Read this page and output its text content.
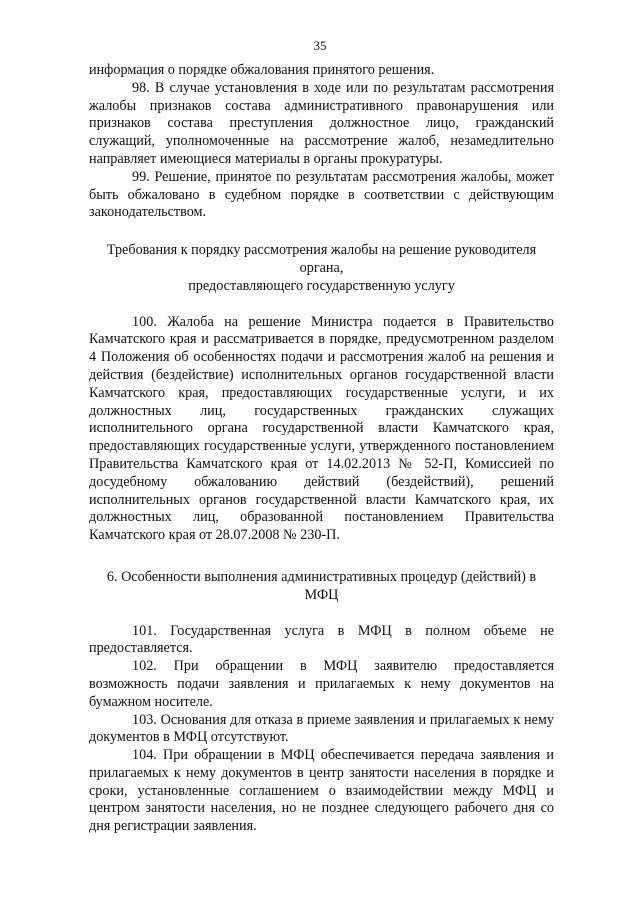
35

информация о порядке обжалования принятого решения.

98. В случае установления в ходе или по результатам рассмотрения жалобы признаков состава административного правонарушения или признаков состава преступления должностное лицо, гражданский служащий, уполномоченные на рассмотрение жалоб, незамедлительно направляет имеющиеся материалы в органы прокуратуры.

99. Решение, принятое по результатам рассмотрения жалобы, может быть обжаловано в судебном порядке в соответствии с действующим законодательством.

Требования к порядку рассмотрения жалобы на решение руководителя органа,
предоставляющего государственную услугу

100. Жалоба на решение Министра подается в Правительство Камчатского края и рассматривается в порядке, предусмотренном разделом 4 Положения об особенностях подачи и рассмотрения жалоб на решения и действия (бездействие) исполнительных органов государственной власти Камчатского края, предоставляющих государственные услуги, и их должностных лиц, государственных гражданских служащих исполнительного органа государственной власти Камчатского края, предоставляющих государственные услуги, утвержденного постановлением Правительства Камчатского края от 14.02.2013 № 52-П, Комиссией по досудебному обжалованию действий (бездействий), решений исполнительных органов государственной власти Камчатского края, их должностных лиц, образованной постановлением Правительства Камчатского края от 28.07.2008 № 230-П.

6. Особенности выполнения административных процедур (действий) в МФЦ

101. Государственная услуга в МФЦ в полном объеме не предоставляется.

102. При обращении в МФЦ заявителю предоставляется возможность подачи заявления и прилагаемых к нему документов на бумажном носителе.

103. Основания для отказа в приеме заявления и прилагаемых к нему документов в МФЦ отсутствуют.

104. При обращении в МФЦ обеспечивается передача заявления и прилагаемых к нему документов в центр занятости населения в порядке и сроки, установленные соглашением о взаимодействии между МФЦ и центром занятости населения, но не позднее следующего рабочего дня со дня регистрации заявления.
